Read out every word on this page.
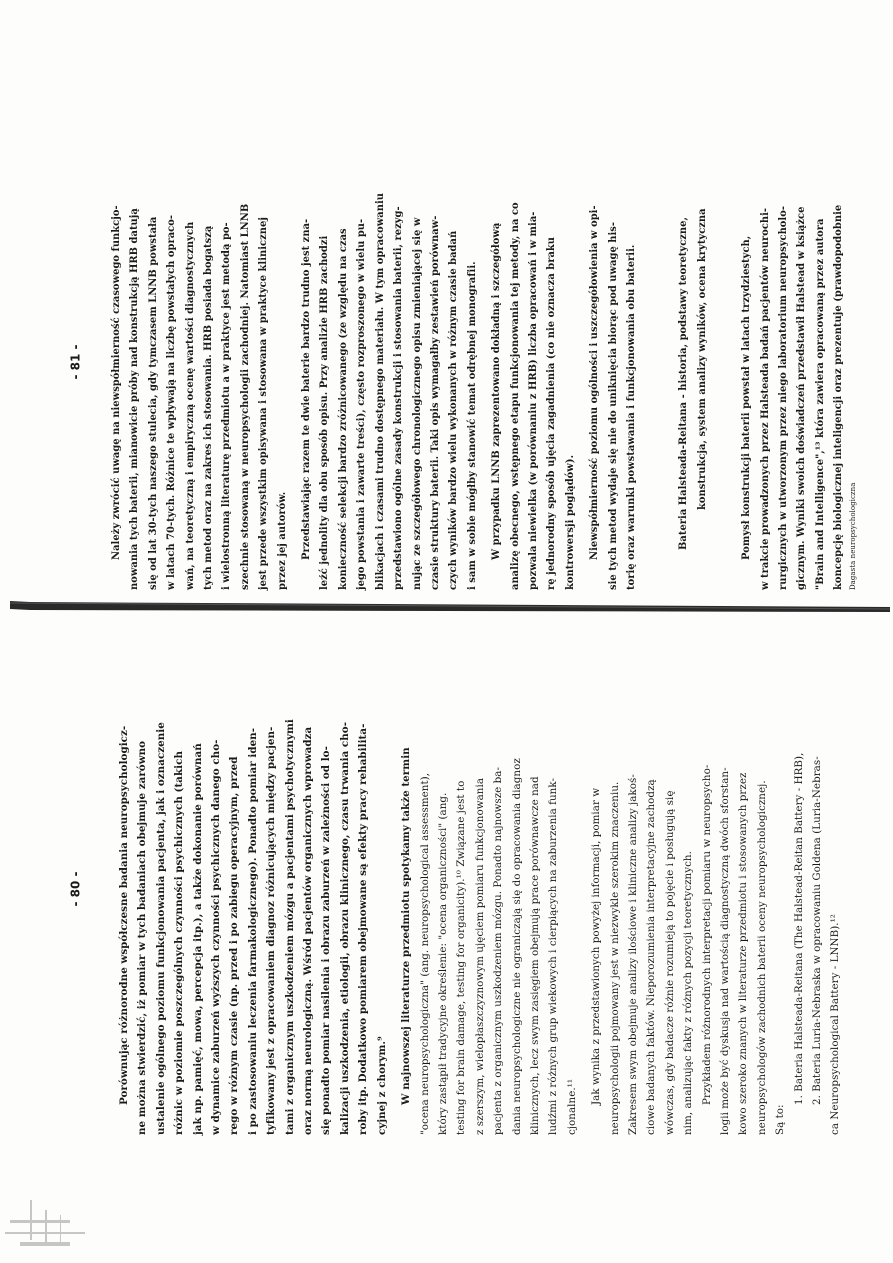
- 80 -	Porównując różnorodne współczesne badania neuropsychologicz- ne można stwierdzić, iż pomiar w tych badaniach obejmuje zarówno ustalenie ogólnego poziomu funkcjonowania pacjenta, jak i oznaczenie różnic w poziomie poszczególnych czynności psychicznych (takich jak np. pamięć, mowa, percepcja itp.), a także dokonanie porównań w dynamice zaburzeń wyższych czynności psychicznych danego cho- rego w różnym czasie (np. przed i po zabiegu operacyjnym, przed i po zastosowaniu leczenia farmakologicznego). Ponadto pomiar iden- tyfikowany jest z opracowaniem diagnoz różnicujących między pacjen- tami z organicznym uszkodzeniem mózgu a pacjentami psychotycznymi oraz normą neurologiczną. Wśród pacjentów organicznych wprowadza się ponadto pomiar nasilenia i obrazu zaburzeń w zależności od lo- kalizacji uszkodzenia, etiologii, obrazu klinicznego, czasu trwania cho- roby itp. Dodatkowo pomiarem obejmowane są efekty pracy rehabilita- cyjnej z chorym.⁹	W najnowszej literaturze przedmiotu spotykamy także termin "ocena neuropsychologiczna" (ang. neuropsychological assessment), który zastąpił tradycyjne określenie: "ocena organiczności" (ang. testing for brain damage, testing for organicity).¹⁰ Związane jest to z szerszym, wielopłaszczyznowym ujęciem pomiaru funkcjonowania pacjenta z organicznym uszkodzeniem mózgu. Ponadto najnowsze ba- dania neuropsychologiczne nie ograniczają się do opracowania diagnoz klinicznych, lecz swym zasięgiem obejmują prace porównawcze nad ludźmi z różnych grup wiekowych i cierpiących na zaburzenia funk- cjonalne.¹¹

Jak wynika z przedstawionych powyżej informacji, pomiar w neuropsychologii pojmowany jest w niezwykle szerokim znaczeniu. Zakresem swym obejmuje analizy ilościowe i kliniczne analizy jakoś- ciowe badanych faktów. Nieporozumienia interpretacyjne zachodzą wówczas, gdy badacze różnie rozumieją to pojęcie i posługują się nim, analizując fakty z różnych pozycji teoretycznych. Przykładem różnorodnych interpretacji pomiaru w neuropsycho- logii może być dyskusja nad wartością diagnostyczną dwóch sforstan- kowo szeroko znanych w literaturze przedmiotu i stosowanych przez neuropsychologów zachodnich baterii oceny neuropsychologicznej. Są to:

1. Bateria Halsteada-Reitana (The Halstead-Reitan Battery - HRB), 2. Bateria Luria-Nebraska w opracowaniu Goldena (Luria-Nebras- ca Neuropsychological Battery - LNNB).¹²

- 81 -	Należy zwrócić uwagę na niewspółmierność czasowego funkcjo- nowania tych baterii, mianowicie próby nad konstrukcją HRB datują się od lat 30-tych naszego stulecia, gdy tymczasem LNNB powstała w latach 70-tych. Różnice te wpływają na liczbę powstałych opraco- wań, na teoretyczną i empiryczną ocenę wartości diagnostycznych tych metod oraz na zakres ich stosowania. HRB posiada bogatszą i wielostronną literaturę przedmiotu a w praktyce jest metodą po- szechnie stosowaną w neuropsychologii zachodniej. Natomiast LNNB jest przede wszystkim opisywana i stosowana w praktyce klinicznej przez jej autorów.	Przedstawiając razem te dwie baterie bardzo trudno jest zna- leźć jednolity dla obu sposób opisu. Przy analizie HRB zachodzi konieczność selekcji bardzo zróżnicowanego (ze względu na czas jego powstania i zawarte treści), często rozproszonego w wielu pu- blikacjach i czasami trudno dostępnego materiału. W tym opracowaniu przedstawiono ogólne zasady konstrukcji i stosowania baterii, rezyg- nując ze szczegółowego chronologicznego opisu zmieniającej się w czasie struktury baterii. Taki opis wymagałby zestawień porównaw- czych wyników bardzo wielu wykonanych w różnym czasie badań i sam w sobie mógłby stanowić temat odrębnej monografii.	W przypadku LNNB zaprezentowano dokładną i szczegółową analizę obecnego, wstępnego etapu funkcjonowania tej metody, na co pozwala niewielka (w porównaniu z HRB) liczba opracowań i w mia- rę jednorodny sposób ujęcia zagadnienia (co nie oznacza braku kontrowersji poglądów).	Niewspółmierność poziomu ogólności i uszczegółowienia w opi- sie tych metod wydaje się nie do uniknięcia biorąc pod uwagę his- torię oraz warunki powstawania i funkcjonowania obu baterii.	Bateria Halsteada-Reitana - historia, podstawy teoretyczne, konstrukcja, system analizy wyników, ocena krytyczna	Pomysł konstrukcji baterii powstał w latach trzydziestych, w trakcie prowadzonych przez Halsteada badań pacjentów neurochi- rurgicznych w utworzonym przez niego laboratorium neuropsycholo- gicznym. Wyniki swoich doświadczeń przedstawił Halstead w książce "Brain and Intelligence",¹³ która zawiera opracowaną przez autora koncepcję biologicznej inteligencji oraz prezentuje (prawdopodobnie Dagasta neuropsychologiczna
